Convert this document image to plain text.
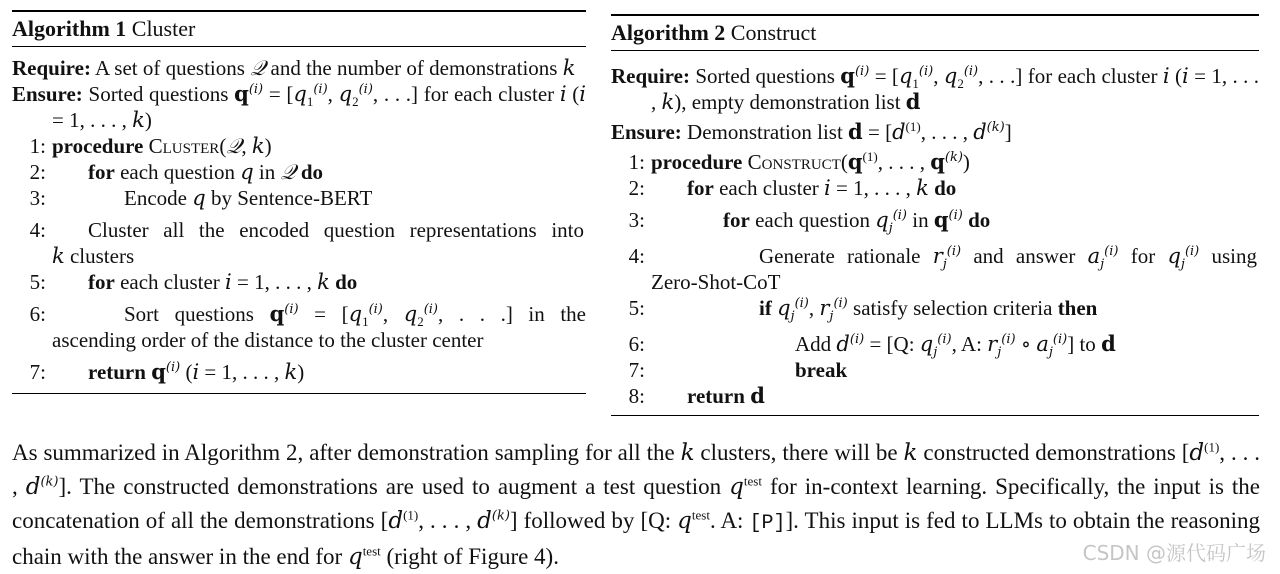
Algorithm 1 Cluster
Require: A set of questions 𝒬 and the number of demonstrations k
Ensure: Sorted questions $q^{(i)} = [q_1^{(i)}$, $q_2^{(i)}$, . . .] for each cluster i (i = 1, . . . , k)
1: procedure Cluster(𝒬, k)
2: for each question q in 𝒬 do
3:	Encode q by Sentence-BERT
4: Cluster all the encoded question representations into
k clusters
5: for each cluster i = 1, . . . , k do
6:	Sort questions $q^{(i)} = [q_1^{(i)}$, $q_2^{(i)}$, . . .] in the
ascending order of the distance to the cluster center
7: return $q^{(i)}$ (i = 1, . . . , k)
Algorithm 2 Construct
Require: Sorted questions $q^{(i)} = [q_1^{(i)}$, $q_2^{(i)}$, . . .] for each cluster i (i = 1, . . . , k), empty demonstration list d
Ensure: Demonstration list $d = [d^{(1)}$, . . . , $d^{(k)}$]
1: procedure $Construct(q^{(1)}$, . . . , $q^{(k)}$)
2: for each cluster i = 1, . . . , k do
3:	for each question $q_j^{(i)}$ in $q^{(i)}$ do
4:	Generate rationale $r_j^{(i)}$ and answer $a_j^{(i)}$ for $q_j^{(i)}$ using
Zero-Shot-CoT
5:	if $q_j^{(i)}$, $r_j^{(i)}$ satisfy selection criteria then
6:	Add $d^{(i)} = [Q$: $q_j^{(i)}$, A: $r_j^{(i)}$ ∘ $a_j^{(i)}$] to d
7:	break
8: return d
As summarized in Algorithm 2, after demonstration sampling for all the k clusters, there will be k constructed demonstrations [$d^{(1)}$, . . . , $d^{(k)}$]. The constructed demonstrations are used to augment a test question $q^{test}$ for in-context learning. Specifically, the input is the concatenation of all the demonstrations [$d^{(1)}$, . . . , $d^{(k)}$] followed by [Q: $q^{test}$. A: [P]]. This input is fed to LLMs to obtain the reasoning chain with the answer in the end for $q^{test}$ (right of Figure 4).	CSDN @源代码广场
